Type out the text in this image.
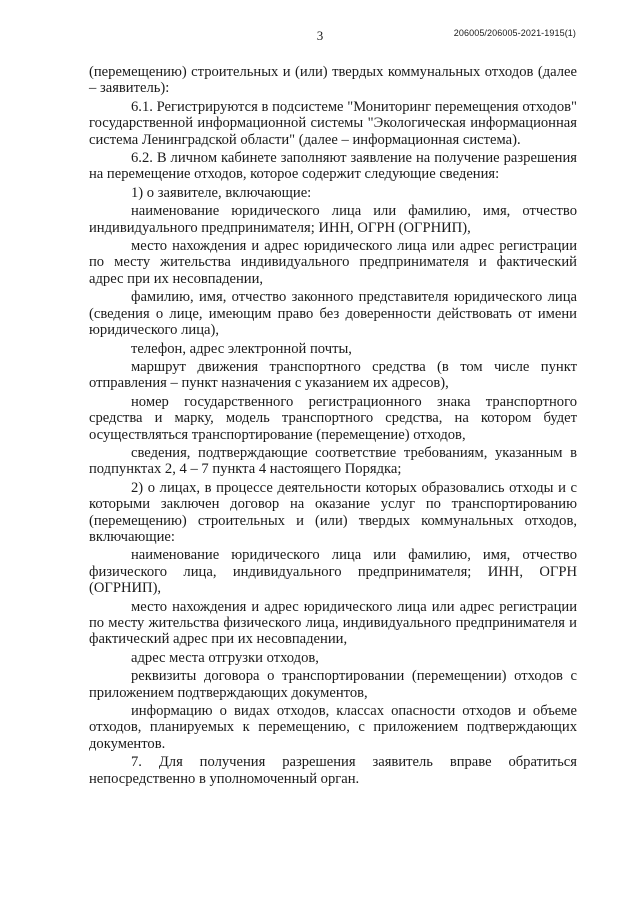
3	206005/206005-2021-1915(1)

(перемещению) строительных и (или) твердых коммунальных отходов (далее – заявитель):

6.1. Регистрируются в подсистеме "Мониторинг перемещения отходов" государственной информационной системы "Экологическая информационная система Ленинградской области" (далее – информационная система).

6.2. В личном кабинете заполняют заявление на получение разрешения на перемещение отходов, которое содержит следующие сведения:

1) о заявителе, включающие:

наименование юридического лица или фамилию, имя, отчество индивидуального предпринимателя; ИНН, ОГРН (ОГРНИП),

место нахождения и адрес юридического лица или адрес регистрации по месту жительства индивидуального предпринимателя и фактический адрес при их несовпадении,

фамилию, имя, отчество законного представителя юридического лица (сведения о лице, имеющим право без доверенности действовать от имени юридического лица),

телефон, адрес электронной почты,

маршрут движения транспортного средства (в том числе пункт отправления – пункт назначения с указанием их адресов),

номер государственного регистрационного знака транспортного средства и марку, модель транспортного средства, на котором будет осуществляться транспортирование (перемещение) отходов,

сведения, подтверждающие соответствие требованиям, указанным в подпунктах 2, 4 – 7 пункта 4 настоящего Порядка;

2) о лицах, в процессе деятельности которых образовались отходы и с которыми заключен договор на оказание услуг по транспортированию (перемещению) строительных и (или) твердых коммунальных отходов, включающие:

наименование юридического лица или фамилию, имя, отчество физического лица, индивидуального предпринимателя; ИНН, ОГРН (ОГРНИП),

место нахождения и адрес юридического лица или адрес регистрации по месту жительства физического лица, индивидуального предпринимателя и фактический адрес при их несовпадении,

адрес места отгрузки отходов,

реквизиты договора о транспортировании (перемещении) отходов с приложением подтверждающих документов,

информацию о видах отходов, классах опасности отходов и объеме отходов, планируемых к перемещению, с приложением подтверждающих документов.

7. Для получения разрешения заявитель вправе обратиться непосредственно в уполномоченный орган.
